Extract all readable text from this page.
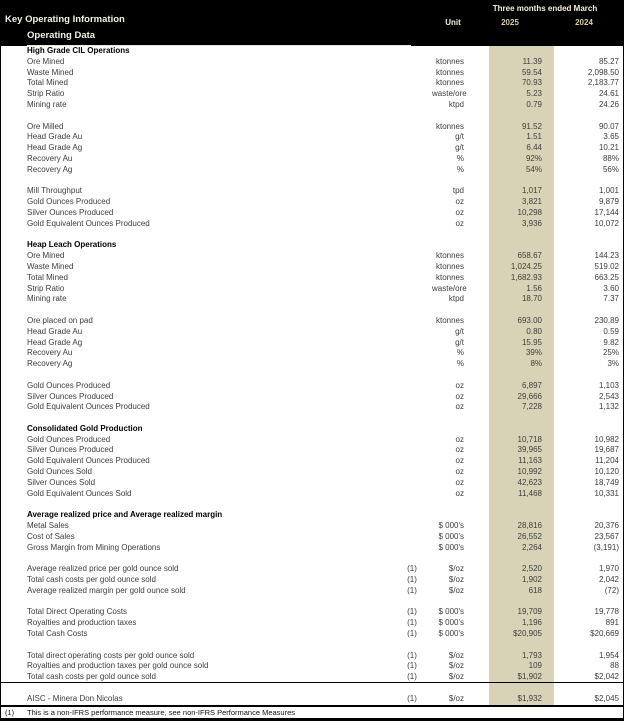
Key Operating Information
Operating Data
Three months ended March
Unit	2025	2024
High Grade CIL Operations
Ore Mined	ktonnes	11.39	85.27
Waste Mined	ktonnes	59.54	2,098.50
Total Mined	ktonnes	70.93	2,183.77
Strip Ratio	waste/ore	5.23	24.61
Mining rate	ktpd	0.79	24.26
Ore Milled	ktonnes	91.52	90.07
Head Grade Au	g/t	1.51	3.65
Head Grade Ag	g/t	6.44	10.21
Recovery Au	%	92%	88%
Recovery Ag	%	54%	56%
Mill Throughput	tpd	1,017	1,001
Gold Ounces Produced	oz	3,821	9,879
Silver Ounces Produced	oz	10,298	17,144
Gold Equivalent Ounces Produced	oz	3,936	10,072
Heap Leach Operations
Ore Mined	ktonnes	658.67	144.23
Waste Mined	ktonnes	1,024.25	519.02
Total Mined	ktonnes	1,682.93	663.25
Strip Ratio	waste/ore	1.56	3.60
Mining rate	ktpd	18.70	7.37
Ore placed on pad	ktonnes	693.00	230.89
Head Grade Au	g/t	0.80	0.59
Head Grade Ag	g/t	15.95	9.82
Recovery Au	%	39%	25%
Recovery Ag	%	8%	3%
Gold Ounces Produced	oz	6,897	1,103
Silver Ounces Produced	oz	29,666	2,543
Gold Equivalent Ounces Produced	oz	7,228	1,132
Consolidated Gold Production
Gold Ounces Produced	oz	10,718	10,982
Silver Ounces Produced	oz	39,965	19,687
Gold Equivalent Ounces Produced	oz	11,163	11,204
Gold Ounces Sold	oz	10,992	10,120
Silver Ounces Sold	oz	42,623	18,749
Gold Equivalent Ounces Sold	oz	11,468	10,331
Average realized price and Average realized margin
Metal Sales	$ 000's	28,816	20,376
Cost of Sales	$ 000's	26,552	23,567
Gross Margin from Mining Operations	$ 000's	2,264	(3,191)
Average realized price per gold ounce sold	(1)	$/oz	2,520	1,970
Total cash costs per gold ounce sold	(1)	$/oz	1,902	2,042
Average realized margin per gold ounce sold	(1)	$/oz	618	(72)
Total Direct Operating Costs	(1)	$ 000's	19,709	19,778
Royalties and production taxes	(1)	$ 000's	1,196	891
Total Cash Costs	(1)	$ 000's	$20,905	$20,669
Total direct operating costs per gold ounce sold	(1)	$/oz	1,793	1,954
Royalties and production taxes per gold ounce sold	(1)	$/oz	109	88
Total cash costs per gold ounce sold	(1)	$/oz	$1,902	$2,042
AISC - Minera Don Nicolas	(1)	$/oz	$1,932	$2,045
(1) This is a non-IFRS performance measure, see non-IFRS Performance Measures
